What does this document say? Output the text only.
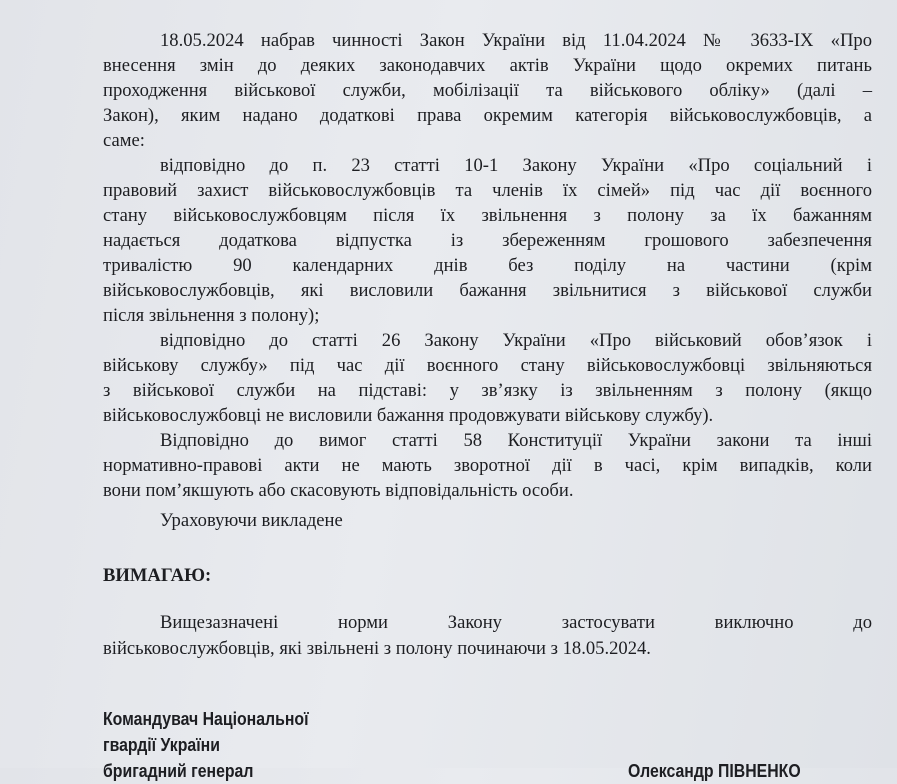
18.05.2024 набрав чинності Закон України від 11.04.2024 № 3633-IX «Про
внесення змін до деяких законодавчих актів України щодо окремих питань
проходження військової служби, мобілізації та військового обліку» (далі –
Закон), яким надано додаткові права окремим категорія військовослужбовців, а
саме:
відповідно до п. 23 статті 10-1 Закону України «Про соціальний і
правовий захист військовослужбовців та членів їх сімей» під час дії воєнного
стану військовослужбовцям після їх звільнення з полону за їх бажанням
надається додаткова відпустка із збереженням грошового забезпечення
тривалістю 90 календарних днів без поділу на частини (крім
військовослужбовців, які висловили бажання звільнитися з військової служби
після звільнення з полону);
відповідно до статті 26 Закону України «Про військовий обов’язок і
військову службу» під час дії воєнного стану військовослужбовці звільняються
з військової служби на підставі: у зв’язку із звільненням з полону (якщо
військовослужбовці не висловили бажання продовжувати військову службу).
Відповідно до вимог статті 58 Конституції України закони та інші
нормативно-правові акти не мають зворотної дії в часі, крім випадків, коли
вони пом’якшують або скасовують відповідальність особи.
Ураховуючи викладене
ВИМАГАЮ:
Вищезазначені норми Закону застосувати виключно до
військовослужбовців, які звільнені з полону починаючи з 18.05.2024.
Командувач Національної
гвардії України
бригадний генерал	Олександр ПІВНЕНКО
